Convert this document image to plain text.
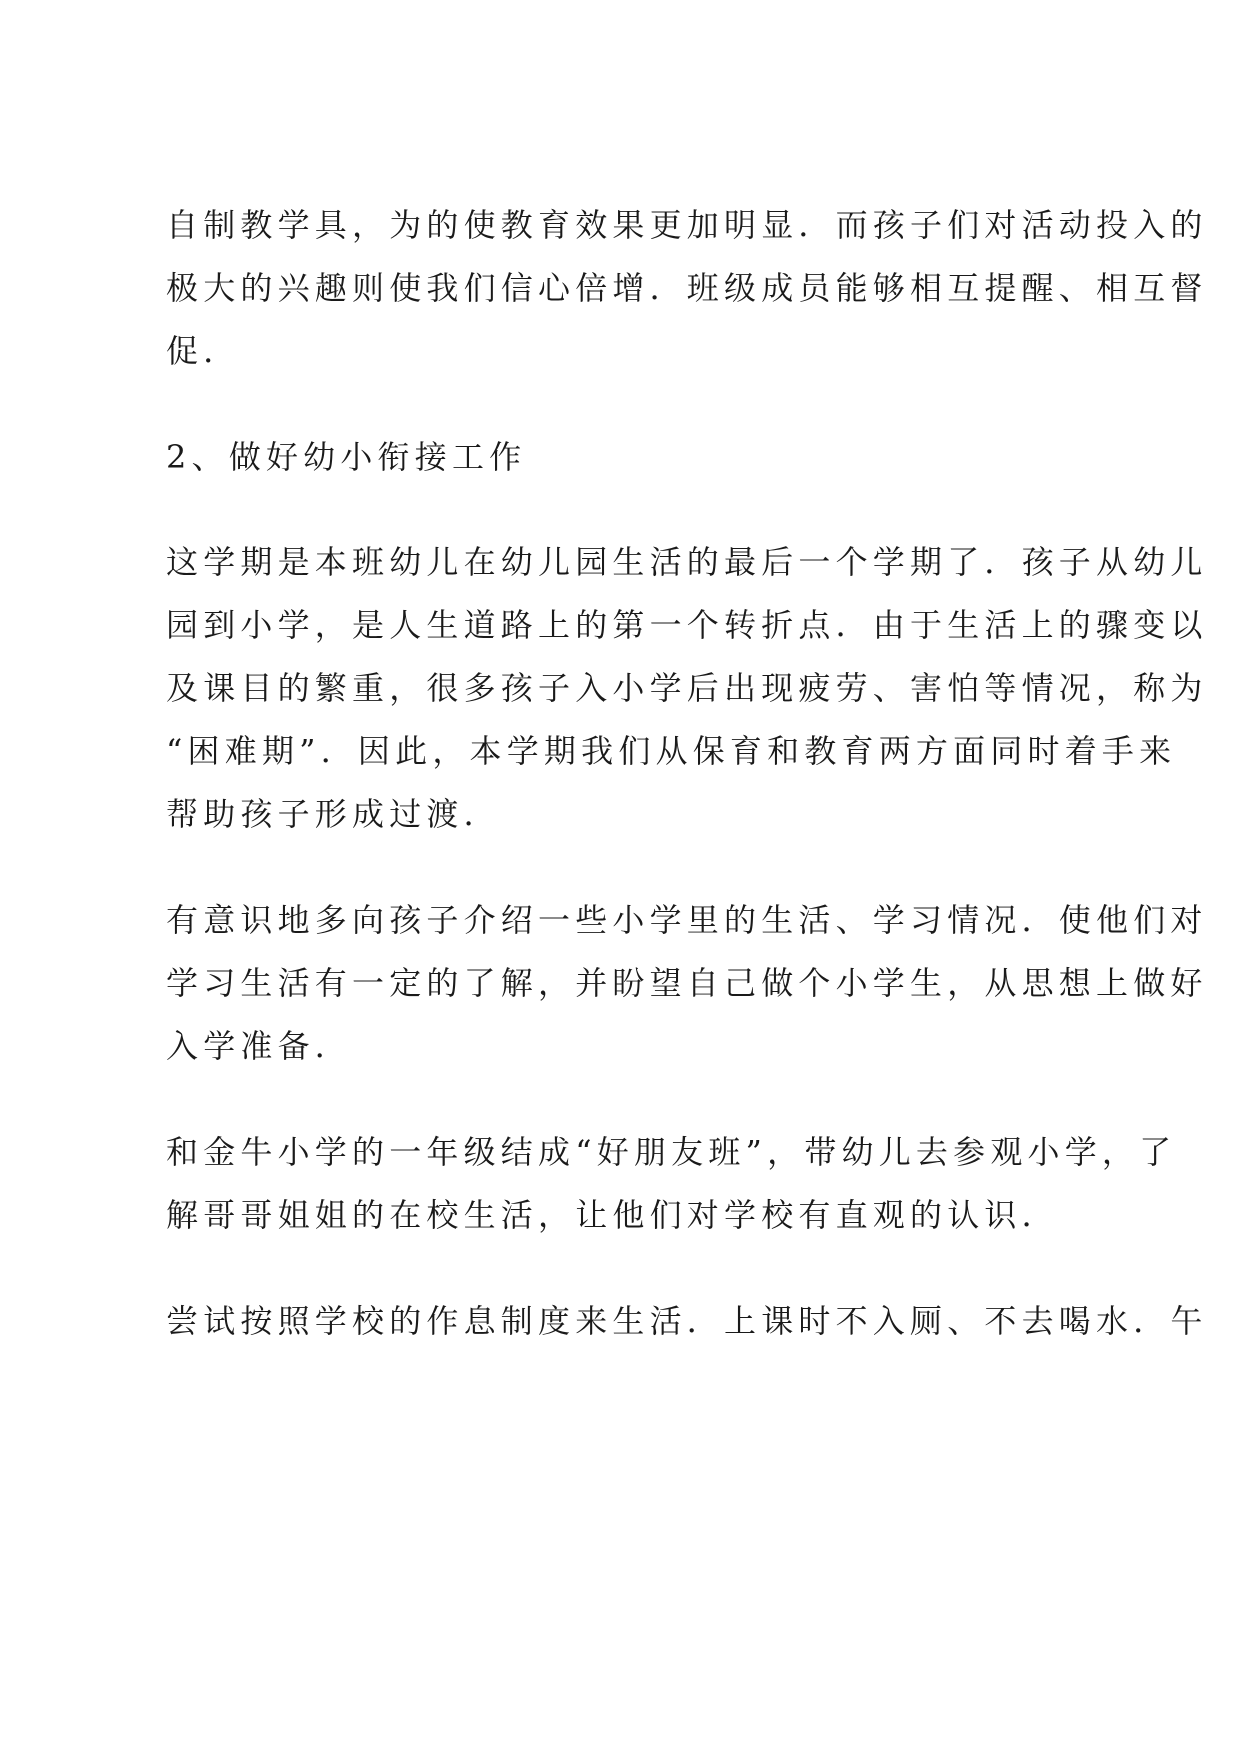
自制教学具，为的使教育效果更加明显．而孩子们对活动投入的
极大的兴趣则使我们信心倍增．班级成员能够相互提醒、相互督
促．
2、做好幼小衔接工作
这学期是本班幼儿在幼儿园生活的最后一个学期了．孩子从幼儿
园到小学，是人生道路上的第一个转折点．由于生活上的骤变以
及课目的繁重，很多孩子入小学后出现疲劳、害怕等情况，称为
“困难期”．因此，本学期我们从保育和教育两方面同时着手来
帮助孩子形成过渡．
有意识地多向孩子介绍一些小学里的生活、学习情况．使他们对
学习生活有一定的了解，并盼望自己做个小学生，从思想上做好
入学准备．
和金牛小学的一年级结成“好朋友班”，带幼儿去参观小学，了
解哥哥姐姐的在校生活，让他们对学校有直观的认识．
尝试按照学校的作息制度来生活．上课时不入厕、不去喝水．午
